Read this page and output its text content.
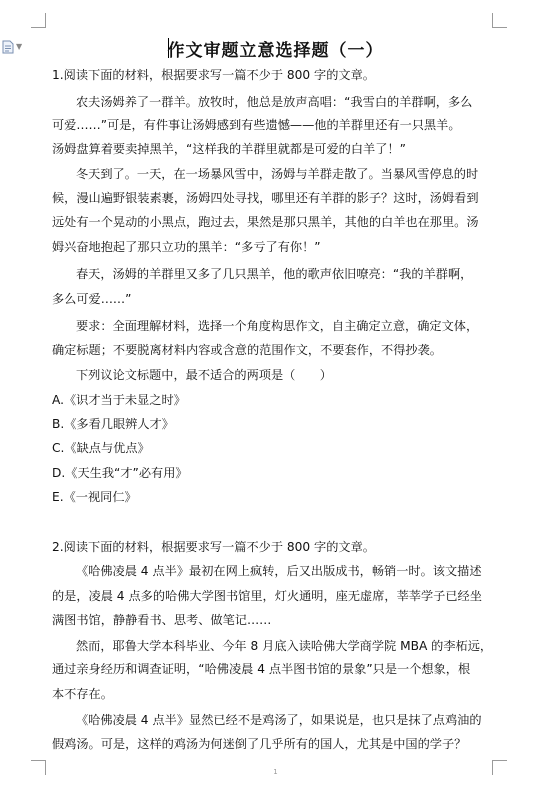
▼	作文审题立意选择题（一）
1.阅读下面的材料，根据要求写一篇不少于 800 字的文章。
农夫汤姆养了一群羊。放牧时，他总是放声高唱：“我雪白的羊群啊，多么
可爱……”可是，有件事让汤姆感到有些遗憾——他的羊群里还有一只黑羊。
汤姆盘算着要卖掉黑羊，“这样我的羊群里就都是可爱的白羊了！”
冬天到了。一天，在一场暴风雪中，汤姆与羊群走散了。当暴风雪停息的时
候，漫山遍野银装素裹，汤姆四处寻找，哪里还有羊群的影子？这时，汤姆看到
远处有一个晃动的小黑点，跑过去，果然是那只黑羊，其他的白羊也在那里。汤
姆兴奋地抱起了那只立功的黑羊：“多亏了有你！”
春天，汤姆的羊群里又多了几只黑羊，他的歌声依旧嘹亮：“我的羊群啊，
多么可爱……”
要求：全面理解材料，选择一个角度构思作文，自主确定立意，确定文体，
确定标题；不要脱离材料内容或含意的范围作文，不要套作，不得抄袭。
下列议论文标题中，最不适合的两项是（　　）
A.《识才当于未显之时》
B.《多看几眼辨人才》
C.《缺点与优点》
D.《天生我“才”必有用》
E.《一视同仁》
2.阅读下面的材料，根据要求写一篇不少于 800 字的文章。
《哈佛凌晨 4 点半》最初在网上疯转，后又出版成书，畅销一时。该文描述
的是，凌晨 4 点多的哈佛大学图书馆里，灯火通明，座无虚席，莘莘学子已经坐
满图书馆，静静看书、思考、做笔记……
然而，耶鲁大学本科毕业、今年 8 月底入读哈佛大学商学院 MBA 的李柘远，
通过亲身经历和调查证明，“哈佛凌晨 4 点半图书馆的景象”只是一个想象，根
本不存在。
《哈佛凌晨 4 点半》显然已经不是鸡汤了，如果说是，也只是抹了点鸡油的
假鸡汤。可是，这样的鸡汤为何迷倒了几乎所有的国人，尤其是中国的学子？
1
